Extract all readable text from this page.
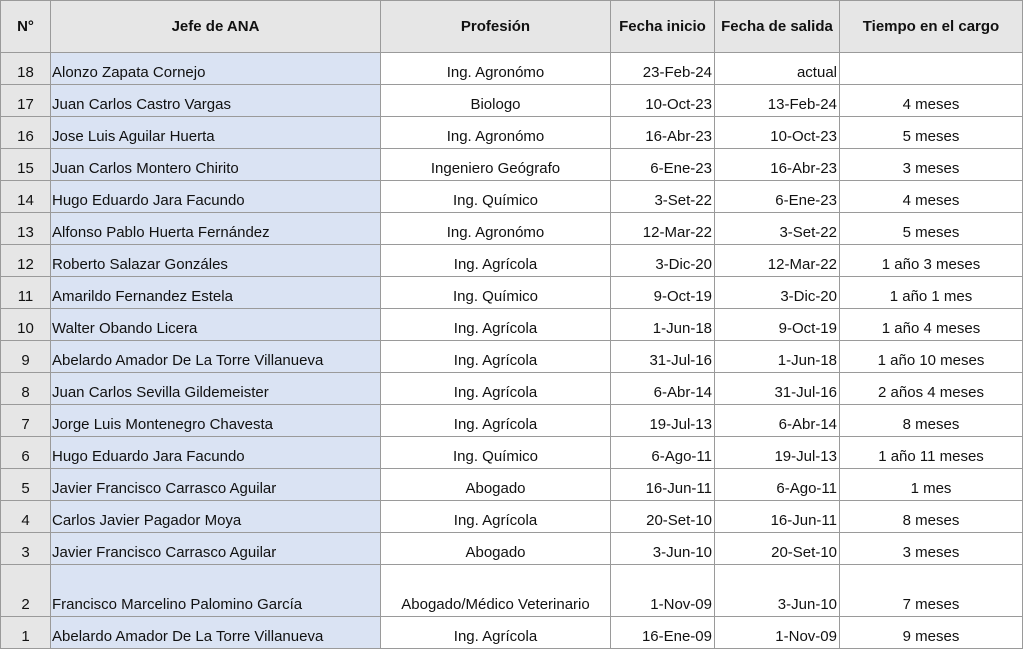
N°	Jefe de ANA	Profesión	Fecha inicio	Fecha de salida	Tiempo en el cargo
18	Alonzo Zapata Cornejo	Ing. Agronómo	23-Feb-24	actual	
17	Juan Carlos Castro Vargas	Biologo	10-Oct-23	13-Feb-24	4 meses
16	Jose Luis Aguilar Huerta	Ing. Agronómo	16-Abr-23	10-Oct-23	5 meses
15	Juan Carlos Montero Chirito	Ingeniero Geógrafo	6-Ene-23	16-Abr-23	3 meses
14	Hugo Eduardo Jara Facundo	Ing. Químico	3-Set-22	6-Ene-23	4 meses
13	Alfonso Pablo Huerta Fernández	Ing. Agronómo	12-Mar-22	3-Set-22	5 meses
12	Roberto Salazar Gonzáles	Ing. Agrícola	3-Dic-20	12-Mar-22	1 año 3 meses
11	Amarildo Fernandez Estela	Ing. Químico	9-Oct-19	3-Dic-20	1 año 1 mes
10	Walter Obando Licera	Ing. Agrícola	1-Jun-18	9-Oct-19	1 año 4 meses
9	Abelardo Amador De La Torre Villanueva	Ing. Agrícola	31-Jul-16	1-Jun-18	1 año 10 meses
8	Juan Carlos Sevilla Gildemeister	Ing. Agrícola	6-Abr-14	31-Jul-16	2 años 4 meses
7	Jorge Luis Montenegro Chavesta	Ing. Agrícola	19-Jul-13	6-Abr-14	8 meses
6	Hugo Eduardo Jara Facundo	Ing. Químico	6-Ago-11	19-Jul-13	1 año 11 meses
5	Javier Francisco Carrasco Aguilar	Abogado	16-Jun-11	6-Ago-11	1 mes
4	Carlos Javier Pagador Moya	Ing. Agrícola	20-Set-10	16-Jun-11	8 meses
3	Javier Francisco Carrasco Aguilar	Abogado	3-Jun-10	20-Set-10	3 meses
2	Francisco Marcelino Palomino García	Abogado/Médico Veterinario	1-Nov-09	3-Jun-10	7 meses
1	Abelardo Amador De La Torre Villanueva	Ing. Agrícola	16-Ene-09	1-Nov-09	9 meses
